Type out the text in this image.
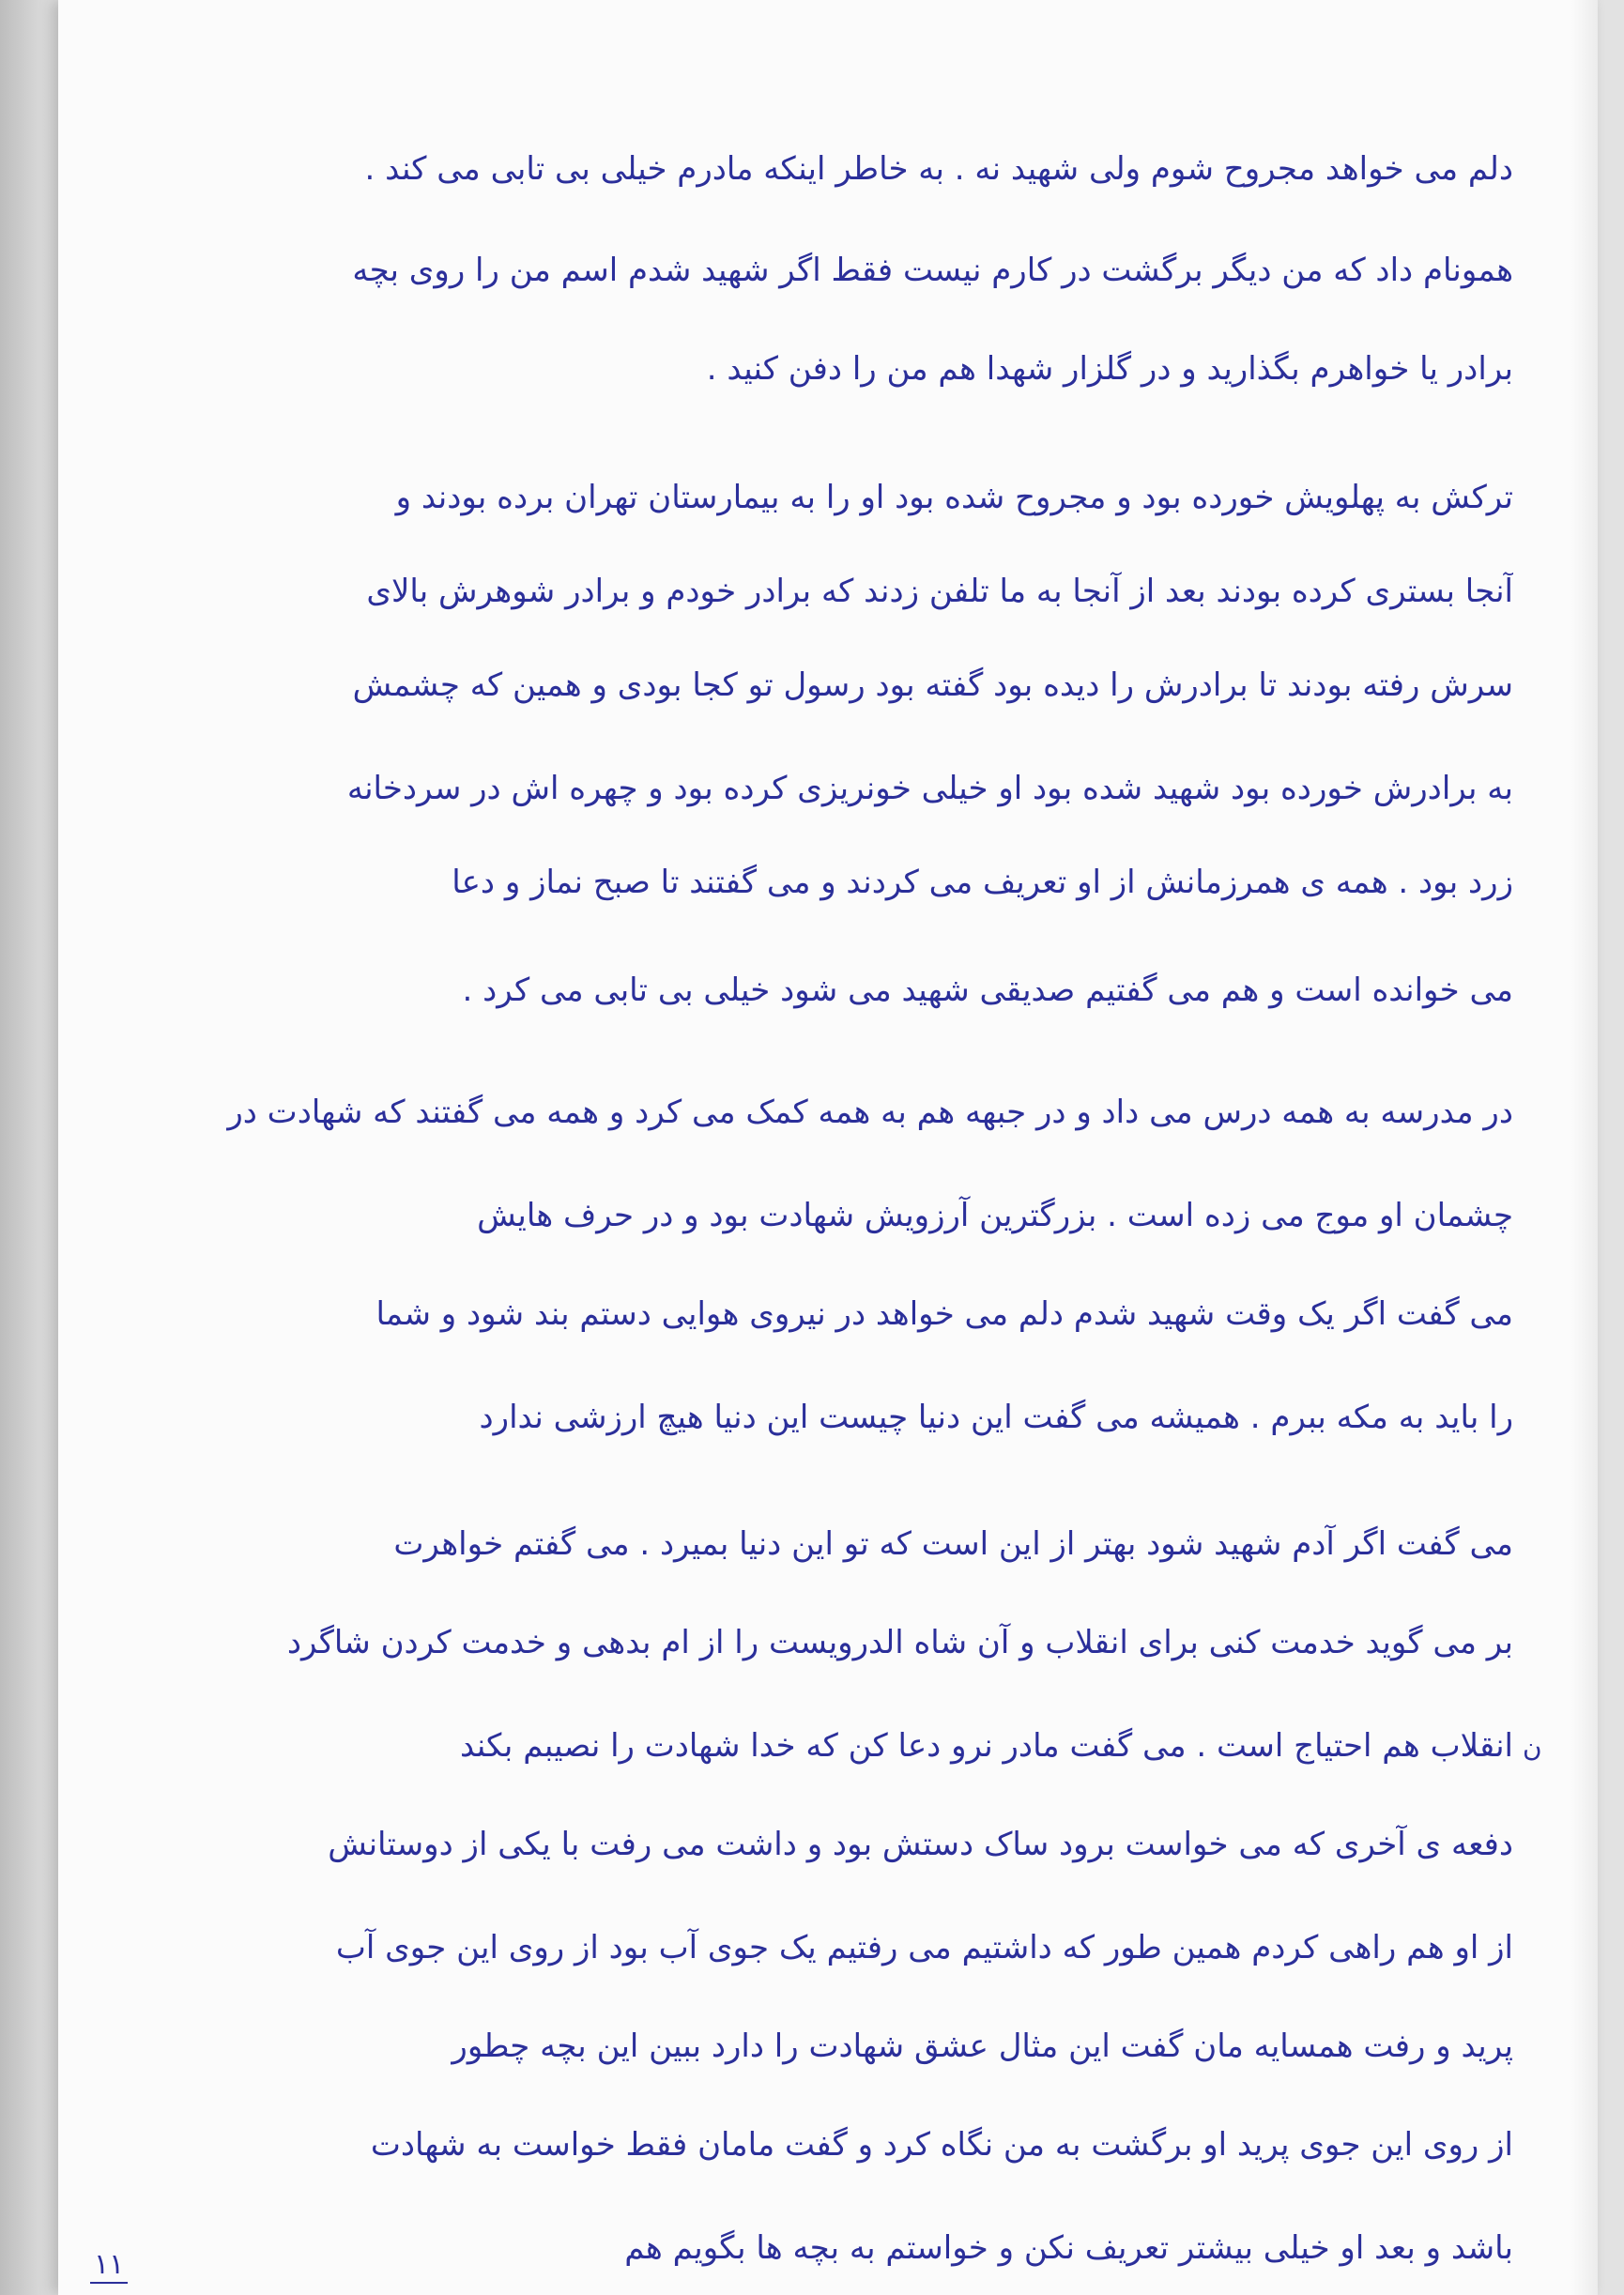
دلم می خواهد مجروح شوم ولی شهید نه . به خاطر اینکه مادرم خیلی بی تابی می کند .
همونام داد که من دیگر برگشت در کارم نیست فقط اگر شهید شدم اسم من را روی بچه
برادر یا خواهرم بگذارید و در گلزار شهدا هم من را دفن کنید .
ترکش به پهلویش خورده بود و مجروح شده بود او را به بیمارستان تهران برده بودند و
آنجا بستری کرده بودند بعد از آنجا به ما تلفن زدند که برادر خودم و برادر شوهرش بالای
سرش رفته بودند تا برادرش را دیده بود گفته بود رسول تو کجا بودی و همین که چشمش
به برادرش خورده بود شهید شده بود او خیلی خونریزی کرده بود و چهره اش در سردخانه
زرد بود . همه ی همرزمانش از او تعریف می کردند و می گفتند تا صبح نماز و دعا
می خوانده است و هم می گفتیم صدیقی شهید می شود خیلی بی تابی می کرد .
در مدرسه به همه درس می داد و در جبهه هم به همه کمک می کرد و همه می گفتند که شهادت در
چشمان او موج می زده است . بزرگترین آرزویش شهادت بود و در حرف هایش
می گفت اگر یک وقت شهید شدم دلم می خواهد در نیروی هوایی دستم بند شود و شما
را باید به مکه ببرم . همیشه می گفت این دنیا چیست این دنیا هیچ ارزشی ندارد
می گفت اگر آدم شهید شود بهتر از این است که تو این دنیا بمیرد . می گفتم خواهرت
بر می گوید خدمت کنی برای انقلاب و آن شاه الدرویست را از ام بدهی و خدمت کردن شاگرد
انقلاب هم احتیاج است . می گفت مادر نرو دعا کن که خدا شهادت را نصیبم بکند
دفعه ی آخری که می خواست برود ساک دستش بود و داشت می رفت با یکی از دوستانش
از او هم راهی کردم همین طور که داشتیم می رفتیم یک جوی آب بود از روی این جوی آب
پرید و رفت همسایه مان گفت این مثال عشق شهادت را دارد ببین این بچه چطور
از روی این جوی پرید او برگشت به من نگاه کرد و گفت مامان فقط خواست به شهادت
باشد و بعد او خیلی بیشتر تعریف نکن و خواستم به بچه ها بگویم هم
ن
۱۱
